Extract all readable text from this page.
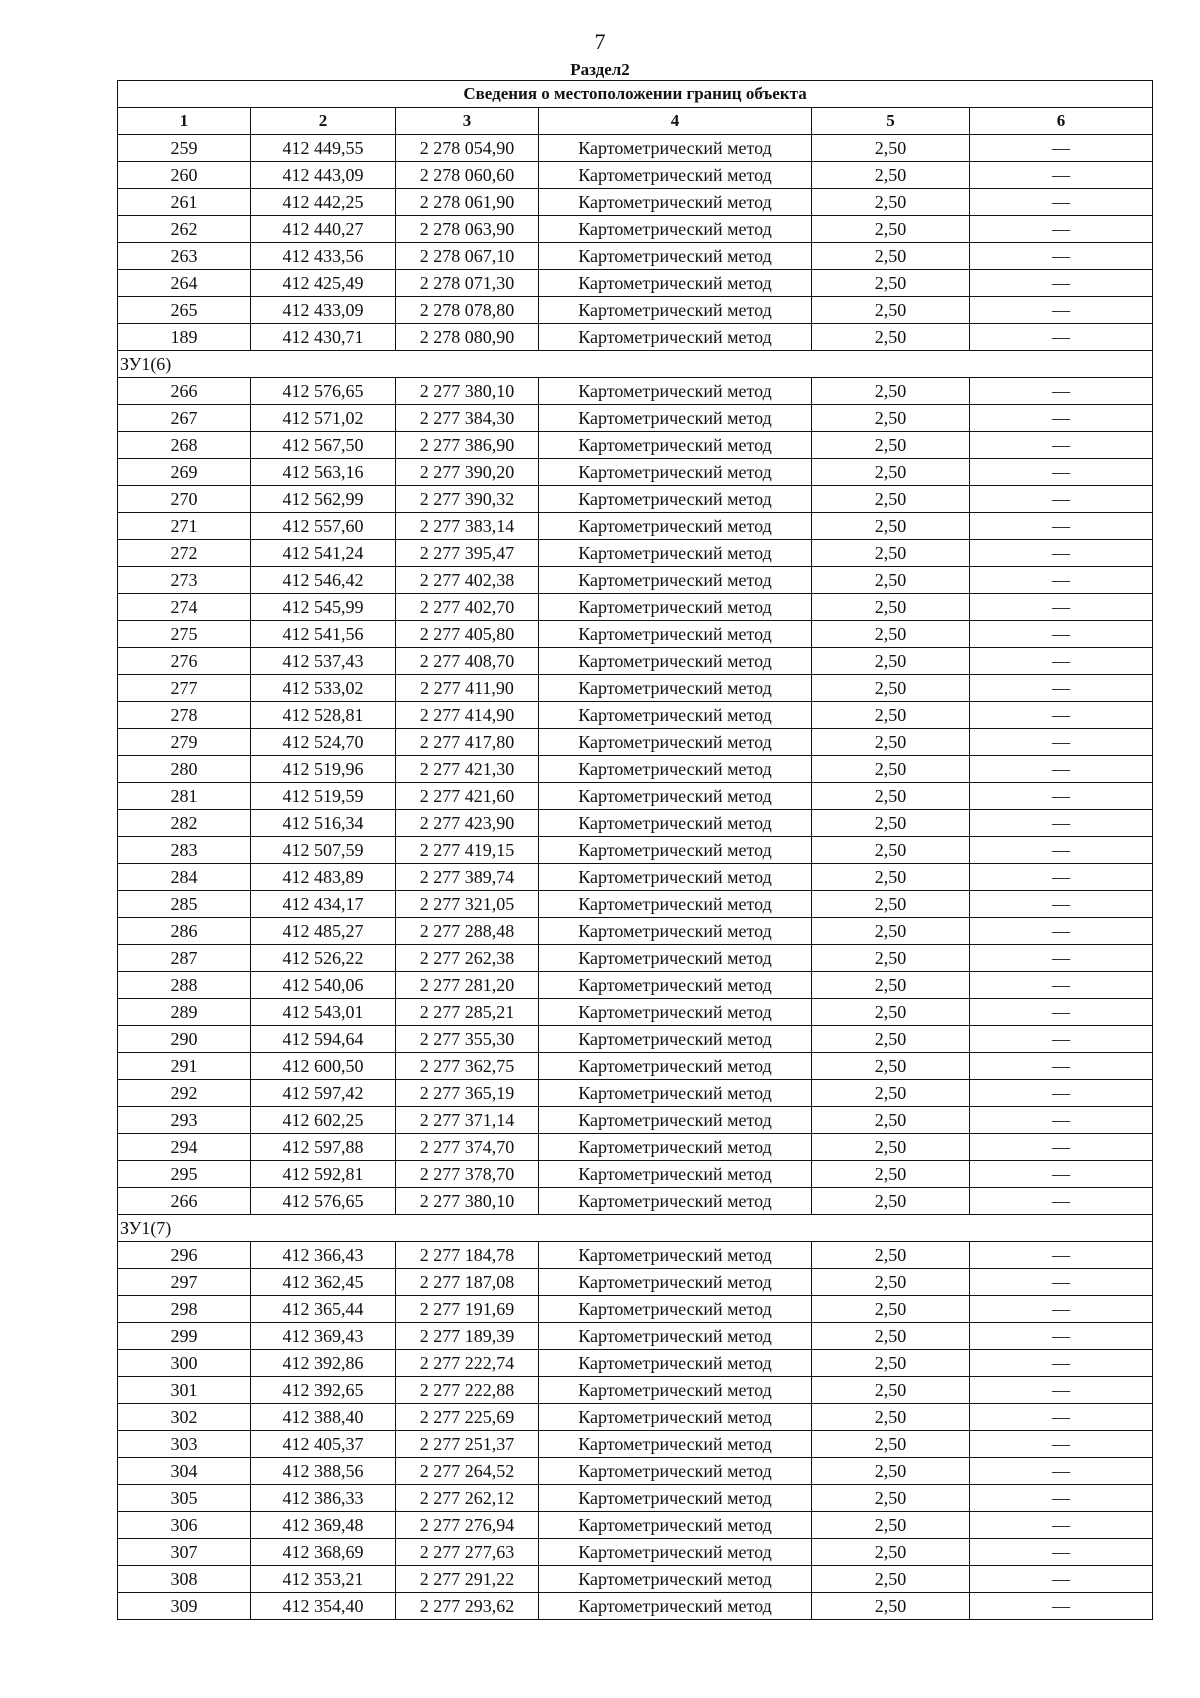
7
Раздел2
Сведения о местоположении границ объекта					
1	2	3	4	5	6
259	412 449,55	2 278 054,90	Картометрический метод	2,50	—
260	412 443,09	2 278 060,60	Картометрический метод	2,50	—
261	412 442,25	2 278 061,90	Картометрический метод	2,50	—
262	412 440,27	2 278 063,90	Картометрический метод	2,50	—
263	412 433,56	2 278 067,10	Картометрический метод	2,50	—
264	412 425,49	2 278 071,30	Картометрический метод	2,50	—
265	412 433,09	2 278 078,80	Картометрический метод	2,50	—
189	412 430,71	2 278 080,90	Картометрический метод	2,50	—
ЗУ1(6)					
266	412 576,65	2 277 380,10	Картометрический метод	2,50	—
267	412 571,02	2 277 384,30	Картометрический метод	2,50	—
268	412 567,50	2 277 386,90	Картометрический метод	2,50	—
269	412 563,16	2 277 390,20	Картометрический метод	2,50	—
270	412 562,99	2 277 390,32	Картометрический метод	2,50	—
271	412 557,60	2 277 383,14	Картометрический метод	2,50	—
272	412 541,24	2 277 395,47	Картометрический метод	2,50	—
273	412 546,42	2 277 402,38	Картометрический метод	2,50	—
274	412 545,99	2 277 402,70	Картометрический метод	2,50	—
275	412 541,56	2 277 405,80	Картометрический метод	2,50	—
276	412 537,43	2 277 408,70	Картометрический метод	2,50	—
277	412 533,02	2 277 411,90	Картометрический метод	2,50	—
278	412 528,81	2 277 414,90	Картометрический метод	2,50	—
279	412 524,70	2 277 417,80	Картометрический метод	2,50	—
280	412 519,96	2 277 421,30	Картометрический метод	2,50	—
281	412 519,59	2 277 421,60	Картометрический метод	2,50	—
282	412 516,34	2 277 423,90	Картометрический метод	2,50	—
283	412 507,59	2 277 419,15	Картометрический метод	2,50	—
284	412 483,89	2 277 389,74	Картометрический метод	2,50	—
285	412 434,17	2 277 321,05	Картометрический метод	2,50	—
286	412 485,27	2 277 288,48	Картометрический метод	2,50	—
287	412 526,22	2 277 262,38	Картометрический метод	2,50	—
288	412 540,06	2 277 281,20	Картометрический метод	2,50	—
289	412 543,01	2 277 285,21	Картометрический метод	2,50	—
290	412 594,64	2 277 355,30	Картометрический метод	2,50	—
291	412 600,50	2 277 362,75	Картометрический метод	2,50	—
292	412 597,42	2 277 365,19	Картометрический метод	2,50	—
293	412 602,25	2 277 371,14	Картометрический метод	2,50	—
294	412 597,88	2 277 374,70	Картометрический метод	2,50	—
295	412 592,81	2 277 378,70	Картометрический метод	2,50	—
266	412 576,65	2 277 380,10	Картометрический метод	2,50	—
ЗУ1(7)					
296	412 366,43	2 277 184,78	Картометрический метод	2,50	—
297	412 362,45	2 277 187,08	Картометрический метод	2,50	—
298	412 365,44	2 277 191,69	Картометрический метод	2,50	—
299	412 369,43	2 277 189,39	Картометрический метод	2,50	—
300	412 392,86	2 277 222,74	Картометрический метод	2,50	—
301	412 392,65	2 277 222,88	Картометрический метод	2,50	—
302	412 388,40	2 277 225,69	Картометрический метод	2,50	—
303	412 405,37	2 277 251,37	Картометрический метод	2,50	—
304	412 388,56	2 277 264,52	Картометрический метод	2,50	—
305	412 386,33	2 277 262,12	Картометрический метод	2,50	—
306	412 369,48	2 277 276,94	Картометрический метод	2,50	—
307	412 368,69	2 277 277,63	Картометрический метод	2,50	—
308	412 353,21	2 277 291,22	Картометрический метод	2,50	—
309	412 354,40	2 277 293,62	Картометрический метод	2,50	—
